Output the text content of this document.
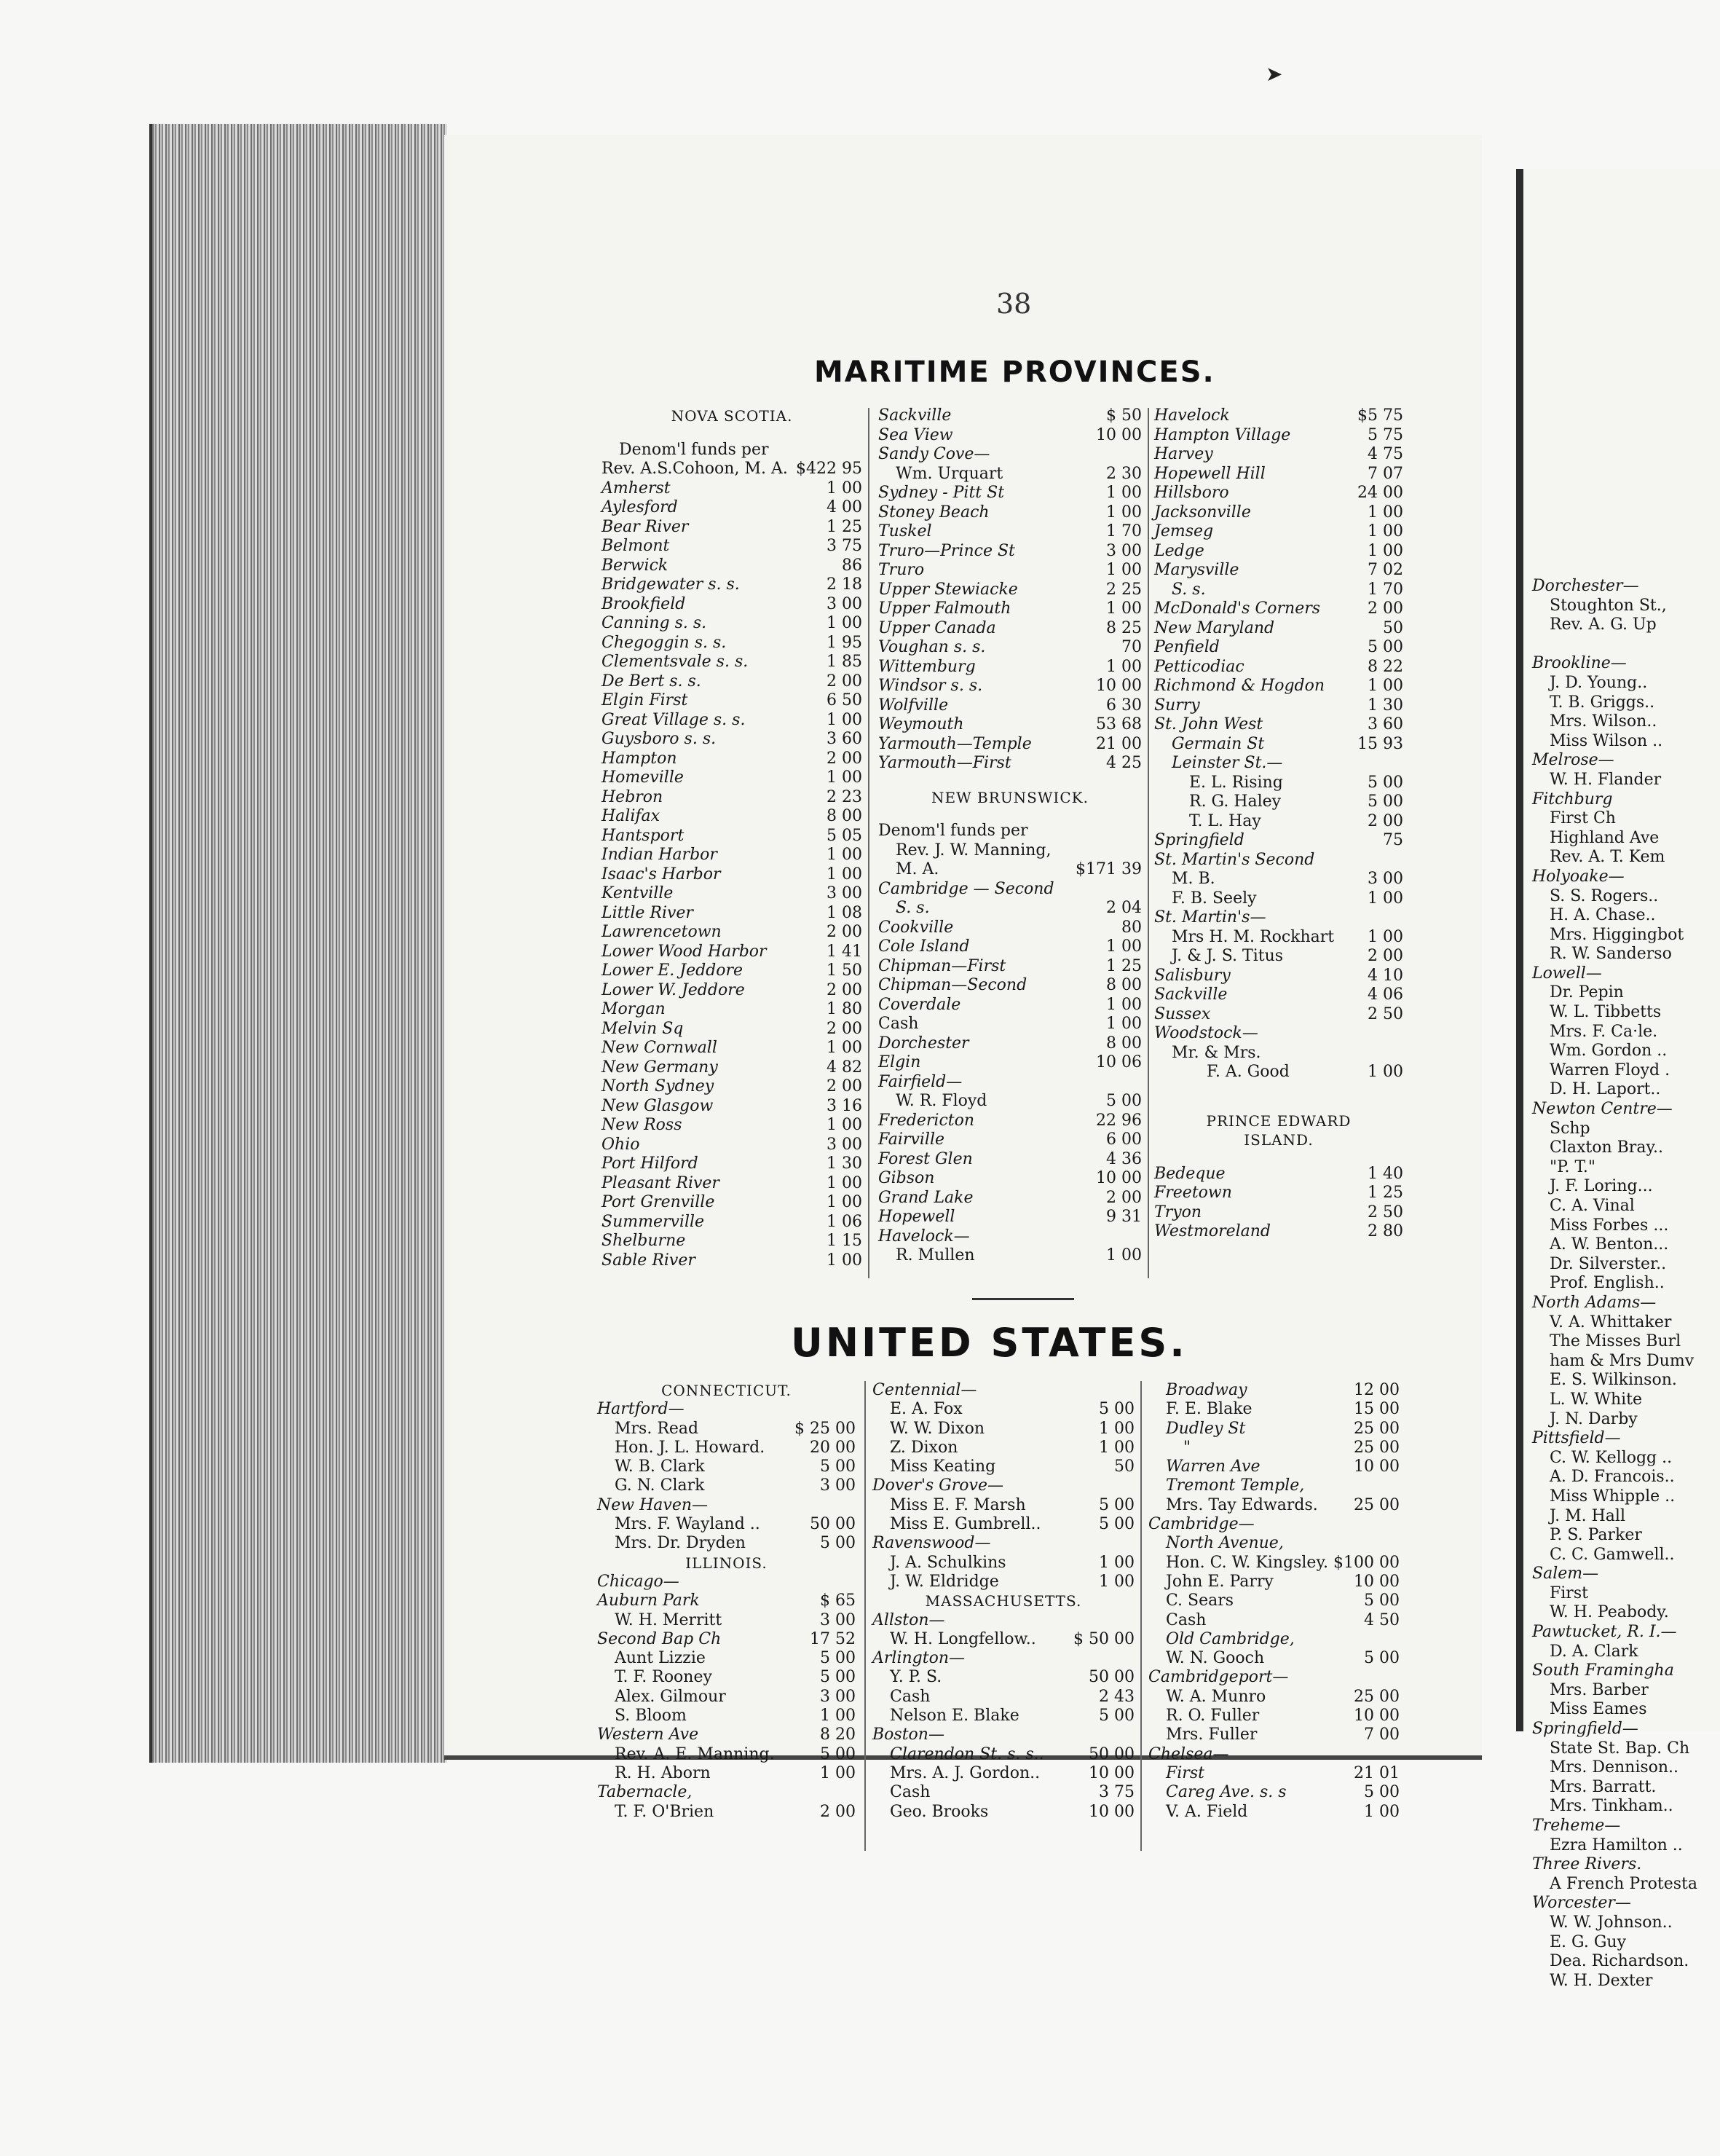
38
MARITIME PROVINCES.
NOVA SCOTIA.
Denom'l funds per
Rev. A.S.Cohoon, M. A. $422 95
Amherst	1 00
Aylesford	4 00
Bear River	1 25
Belmont	3 75
Berwick	86
Bridgewater s. s.	2 18
Brookfield	3 00
Canning s. s.	1 00
Chegoggin s. s.	1 95
Clementsvale s. s.	1 85
De Bert s. s.	2 00
Elgin First	6 50
Great Village s. s.	1 00
Guysboro s. s.	3 60
Hampton	2 00
Homeville	1 00
Hebron	2 23
Halifax	8 00
Hantsport	5 05
Indian Harbor	1 00
Isaac's Harbor	1 00
Kentville	3 00
Little River	1 08
Lawrencetown	2 00
Lower Wood Harbor	1 41
Lower E. Jeddore	1 50
Lower W. Jeddore	2 00
Morgan	1 80
Melvin Sq	2 00
New Cornwall	1 00
New Germany	4 82
North Sydney	2 00
New Glasgow	3 16
New Ross	1 00
Ohio	3 00
Port Hilford	1 30
Pleasant River	1 00
Port Grenville	1 00
Summerville	1 06
Shelburne	1 15
Sable River	1 00
Sackville	$ 50
Sea View	10 00
Sandy Cove—
Wm. Urquart	2 30
Sydney - Pitt St	1 00
Stoney Beach	1 00
Tuskel	1 70
Truro—Prince St	3 00
Truro	1 00
Upper Stewiacke	2 25
Upper Falmouth	1 00
Upper Canada	8 25
Voughan s. s.	70
Wittemburg	1 00
Windsor s. s.	10 00
Wolfville	6 30
Weymouth	53 68
Yarmouth—Temple	21 00
Yarmouth—First	4 25
NEW BRUNSWICK.
Denom'l funds per
Rev. J. W. Manning,
M. A.	$171 39
Cambridge — Second
S. s.	2 04
Cookville	80
Cole Island	1 00
Chipman—First	1 25
Chipman—Second	8 00
Coverdale	1 00
Cash	1 00
Dorchester	8 00
Elgin	10 06
Fairfield—
W. R. Floyd	5 00
Fredericton	22 96
Fairville	6 00
Forest Glen	4 36
Gibson	10 00
Grand Lake	2 00
Hopewell	9 31
Havelock—
R. Mullen	1 00
Havelock	$5 75
Hampton Village	5 75
Harvey	4 75
Hopewell Hill	7 07
Hillsboro	24 00
Jacksonville	1 00
Jemseg	1 00
Ledge	1 00
Marysville	7 02
S. s.	1 70
McDonald's Corners	2 00
New Maryland	50
Penfield	5 00
Petticodiac	8 22
Richmond & Hogdon	1 00
Surry	1 30
St. John West	3 60
Germain St	15 93
Leinster St.—
E. L. Rising	5 00
R. G. Haley	5 00
T. L. Hay	2 00
Springfield	75
St. Martin's Second
M. B.	3 00
F. B. Seely	1 00
St. Martin's—
Mrs H. M. Rockhart 1 00
J. & J. S. Titus	2 00
Salisbury	4 10
Sackville	4 06
Sussex	2 50
Woodstock—
Mr. & Mrs.
F. A. Good	1 00
PRINCE EDWARD
ISLAND.
Bedeque	1 40
Freetown	1 25
Tryon	2 50
Westmoreland	2 80
UNITED STATES.
CONNECTICUT.
Hartford—
Mrs. Read	$ 25 00
Hon. J. L. Howard.	20 00
W. B. Clark	5 00
G. N. Clark	3 00
New Haven—
Mrs. F. Wayland ..	50 00
Mrs. Dr. Dryden	5 00
ILLINOIS.
Chicago—
Auburn Park	$ 65
W. H. Merritt	3 00
Second Bap Ch	17 52
Aunt Lizzie	5 00
T. F. Rooney	5 00
Alex. Gilmour	3 00
S. Bloom	1 00
Western Ave	8 20
Rev. A. E. Manning.	5 00
R. H. Aborn	1 00
Tabernacle,
T. F. O'Brien	2 00
Centennial—
E. A. Fox	5 00
W. W. Dixon	1 00
Z. Dixon	1 00
Miss Keating	50
Dover's Grove—
Miss E. F. Marsh	5 00
Miss E. Gumbrell..	5 00
Ravenswood—
J. A. Schulkins	1 00
J. W. Eldridge	1 00
MASSACHUSETTS.
Allston—
W. H. Longfellow.. $ 50 00
Arlington—
Y. P. S.	50 00
Cash	2 43
Nelson E. Blake	5 00
Boston—
Clarendon St. s. s..	50 00
Mrs. A. J. Gordon..	10 00
Cash	3 75
Geo. Brooks	10 00
Broadway	12 00
F. E. Blake	15 00
Dudley St	25 00
"	25 00
Warren Ave	10 00
Tremont Temple,
Mrs. Tay Edwards. 25 00
Cambridge—
North Avenue,
Hon. C. W. Kingsley. $100 00
John E. Parry	10 00
C. Sears	5 00
Cash	4 50
Old Cambridge,
W. N. Gooch	5 00
Cambridgeport—
W. A. Munro	25 00
R. O. Fuller	10 00
Mrs. Fuller	7 00
Chelsea—
First	21 01
Careg Ave. s. s	5 00
V. A. Field	1 00
Dorchester—
Stoughton St.,
Rev. A. G. Up
Brookline—
J. D. Young..
T. B. Griggs..
Mrs. Wilson..
Miss Wilson ..
Melrose—
W. H. Flander
Fitchburg
First Ch
Highland Ave
Rev. A. T. Kem
Holyoake—
S. S. Rogers..
H. A. Chase..
Mrs. Higgingbot
R. W. Sanderso
Lowell—
Dr. Pepin
W. L. Tibbetts
Mrs. F. Ca·le.
Wm. Gordon ..
Warren Floyd .
D. H. Laport..
Newton Centre—
Schp
Claxton Bray..
"P. T."
J. F. Loring...
C. A. Vinal
Miss Forbes ...
A. W. Benton...
Dr. Silverster..
Prof. English..
North Adams—
V. A. Whittaker
The Misses Burl
ham & Mrs Dumv
E. S. Wilkinson.
L. W. White
J. N. Darby
Pittsfield—
C. W. Kellogg ..
A. D. Francois..
Miss Whipple ..
J. M. Hall
P. S. Parker
C. C. Gamwell..
Salem—
First
W. H. Peabody.
Pawtucket, R. I.—
D. A. Clark
South Framingha
Mrs. Barber
Miss Eames
Springfield—
State St. Bap. Ch
Mrs. Dennison..
Mrs. Barratt.
Mrs. Tinkham..
Treheme—
Ezra Hamilton ..
Three Rivers.
A French Protesta
Worcester—
W. W. Johnson..
E. G. Guy
Dea. Richardson.
W. H. Dexter
➤
